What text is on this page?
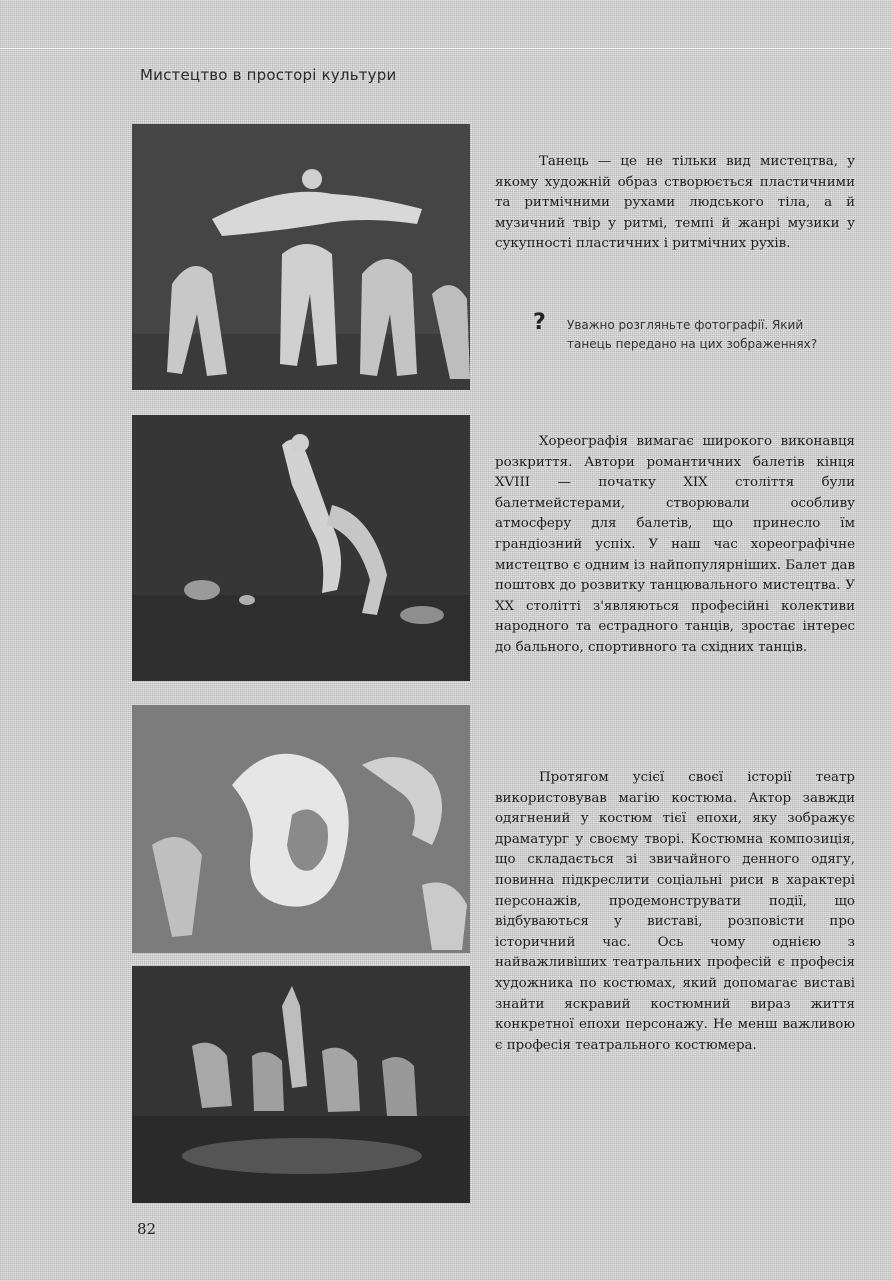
Мистецтво в просторі культури

Танець — це не тільки вид мистецтва, у якому художній образ створюється пластичними та ритмічними рухами людського тіла, а й музичний твір у ритмі, темпі й жанрі музики у сукупності пластичних і ритмічних рухів.

? Уважно розгляньте фотографії. Який танець передано на цих зображеннях?

Хореографія вимагає широкого виконавця розкриття. Автори романтичних балетів кінця XVIII — початку XIX століття були балетмейстерами, створювали особливу атмосферу для балетів, що принесло їм грандіозний успіх. У наш час хореографічне мистецтво є одним із найпопулярніших. Балет дав поштовх до розвитку танцювального мистецтва. У XX столітті з'являються професійні колективи народного та естрадного танців, зростає інтерес до бального, спортивного та східних танців.

Протягом усієї своєї історії театр використовував магію костюма. Актор завжди одягнений у костюм тієї епохи, яку зображує драматург у своєму творі. Костюмна композиція, що складається зі звичайного денного одягу, повинна підкреслити соціальні риси в характері персонажів, продемонструвати події, що відбуваються у виставі, розповісти про історичний час. Ось чому однією з найважливіших театральних професій є професія художника по костюмах, який допомагає виставі знайти яскравий костюмний вираз життя конкретної епохи персонажу. Не менш важливою є професія театрального костюмера.

82
